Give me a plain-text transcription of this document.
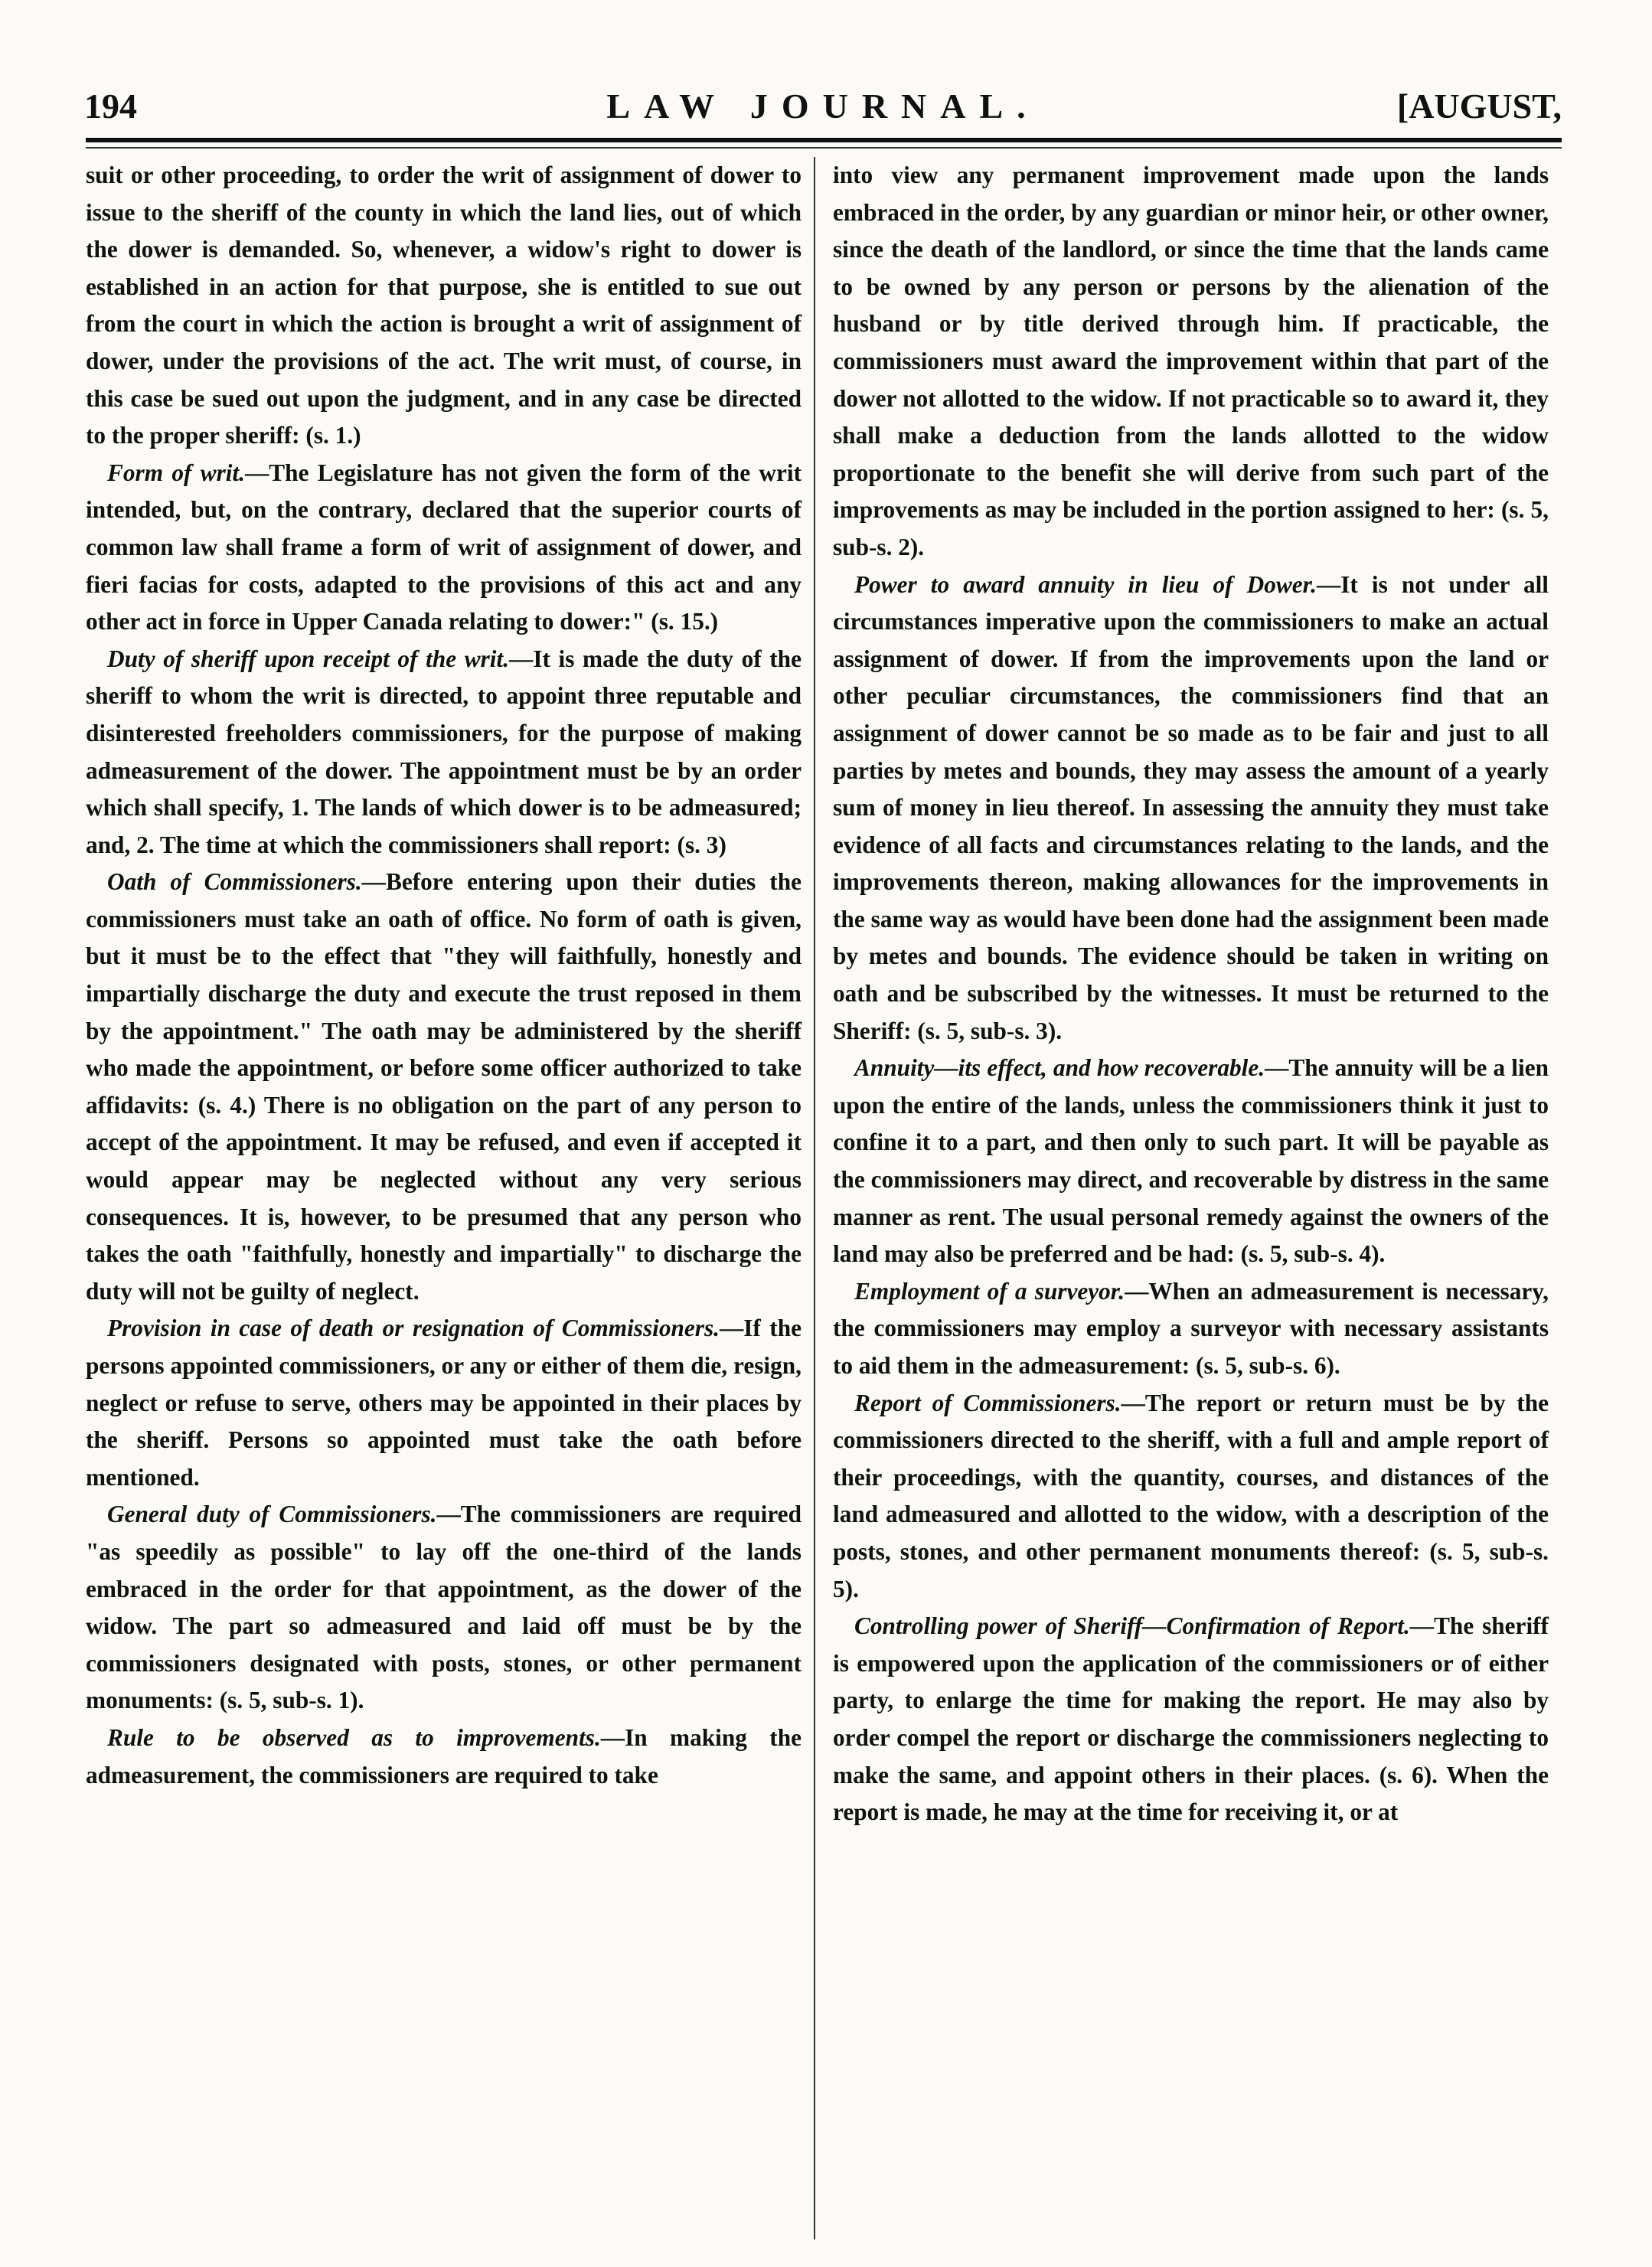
194	LAW JOURNAL.	[AUGUST,

suit or other proceeding, to order the writ of assignment of dower to issue to the sheriff of the county in which the land lies, out of which the dower is demanded. So, whenever, a widow's right to dower is established in an action for that purpose, she is entitled to sue out from the court in which the action is brought a writ of assignment of dower, under the provisions of the act. The writ must, of course, in this case be sued out upon the judgment, and in any case be directed to the proper sheriff: (s. 1.)

Form of writ.—The Legislature has not given the form of the writ intended, but, on the contrary, declared that the superior courts of common law shall frame a form of writ of assignment of dower, and fieri facias for costs, adapted to the provisions of this act and any other act in force in Upper Canada relating to dower:" (s. 15.)

Duty of sheriff upon receipt of the writ.—It is made the duty of the sheriff to whom the writ is directed, to appoint three reputable and disinterested freeholders commissioners, for the purpose of making admeasurement of the dower. The appointment must be by an order which shall specify, 1. The lands of which dower is to be admeasured; and, 2. The time at which the commissioners shall report: (s. 3)

Oath of Commissioners.—Before entering upon their duties the commissioners must take an oath of office. No form of oath is given, but it must be to the effect that "they will faithfully, honestly and impartially discharge the duty and execute the trust reposed in them by the appointment." The oath may be administered by the sheriff who made the appointment, or before some officer authorized to take affidavits: (s. 4.) There is no obligation on the part of any person to accept of the appointment. It may be refused, and even if accepted it would appear may be neglected without any very serious consequences. It is, however, to be presumed that any person who takes the oath "faithfully, honestly and impartially" to discharge the duty will not be guilty of neglect.

Provision in case of death or resignation of Commissioners.—If the persons appointed commissioners, or any or either of them die, resign, neglect or refuse to serve, others may be appointed in their places by the sheriff. Persons so appointed must take the oath before mentioned.

General duty of Commissioners.—The commissioners are required "as speedily as possible" to lay off the one-third of the lands embraced in the order for that appointment, as the dower of the widow. The part so admeasured and laid off must be by the commissioners designated with posts, stones, or other permanent monuments: (s. 5, sub-s. 1).

Rule to be observed as to improvements.—In making the admeasurement, the commissioners are required to take

into view any permanent improvement made upon the lands embraced in the order, by any guardian or minor heir, or other owner, since the death of the landlord, or since the time that the lands came to be owned by any person or persons by the alienation of the husband or by title derived through him. If practicable, the commissioners must award the improvement within that part of the dower not allotted to the widow. If not practicable so to award it, they shall make a deduction from the lands allotted to the widow proportionate to the benefit she will derive from such part of the improvements as may be included in the portion assigned to her: (s. 5, sub-s. 2).

Power to award annuity in lieu of Dower.—It is not under all circumstances imperative upon the commissioners to make an actual assignment of dower. If from the improvements upon the land or other peculiar circumstances, the commissioners find that an assignment of dower cannot be so made as to be fair and just to all parties by metes and bounds, they may assess the amount of a yearly sum of money in lieu thereof. In assessing the annuity they must take evidence of all facts and circumstances relating to the lands, and the improvements thereon, making allowances for the improvements in the same way as would have been done had the assignment been made by metes and bounds. The evidence should be taken in writing on oath and be subscribed by the witnesses. It must be returned to the Sheriff: (s. 5, sub-s. 3).

Annuity—its effect, and how recoverable.—The annuity will be a lien upon the entire of the lands, unless the commissioners think it just to confine it to a part, and then only to such part. It will be payable as the commissioners may direct, and recoverable by distress in the same manner as rent. The usual personal remedy against the owners of the land may also be preferred and be had: (s. 5, sub-s. 4).

Employment of a surveyor.—When an admeasurement is necessary, the commissioners may employ a surveyor with necessary assistants to aid them in the admeasurement: (s. 5, sub-s. 6).

Report of Commissioners.—The report or return must be by the commissioners directed to the sheriff, with a full and ample report of their proceedings, with the quantity, courses, and distances of the land admeasured and allotted to the widow, with a description of the posts, stones, and other permanent monuments thereof: (s. 5, sub-s. 5).

Controlling power of Sheriff—Confirmation of Report.—The sheriff is empowered upon the application of the commissioners or of either party, to enlarge the time for making the report. He may also by order compel the report or discharge the commissioners neglecting to make the same, and appoint others in their places. (s. 6). When the report is made, he may at the time for receiving it, or at
